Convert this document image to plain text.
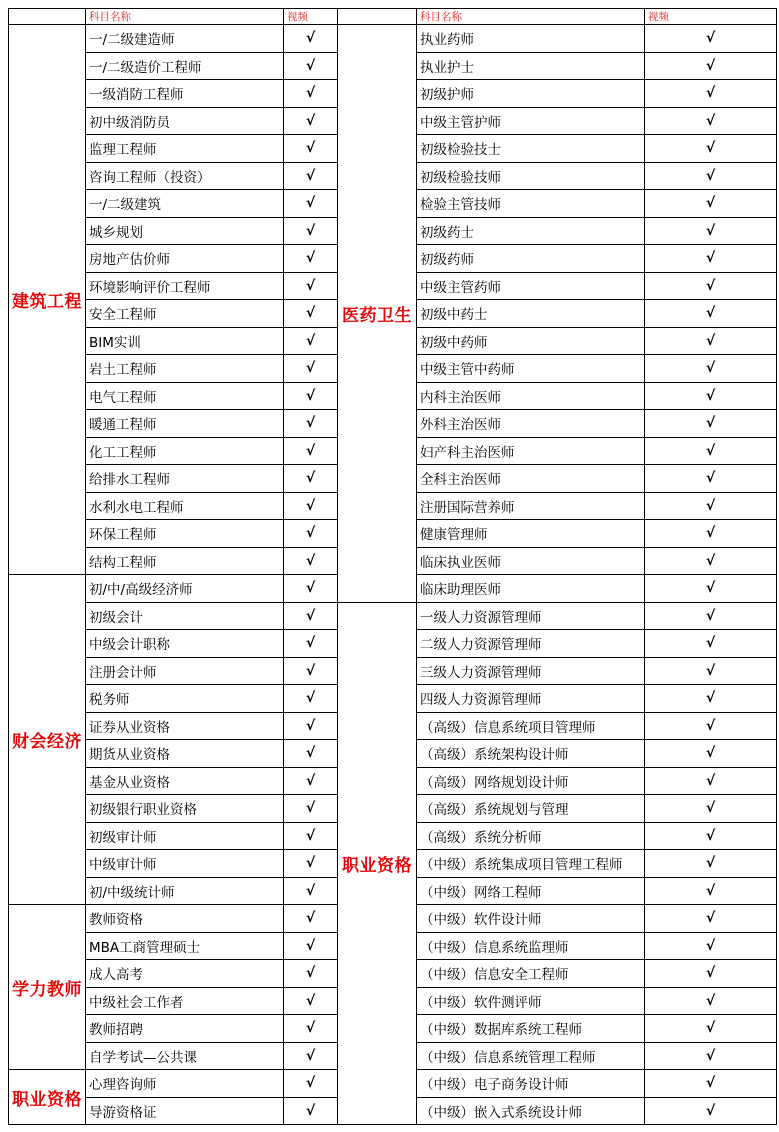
	科目名称	视频		科目名称	视频
建筑工程	一/二级建造师	√	医药卫生	执业药师	√
	一/二级造价工程师	√		执业护士	√
	一级消防工程师	√		初级护师	√
	初中级消防员	√		中级主管护师	√
	监理工程师	√		初级检验技士	√
	咨询工程师（投资）	√		初级检验技师	√
	一/二级建筑	√		检验主管技师	√
	城乡规划	√		初级药士	√
	房地产估价师	√		初级药师	√
	环境影响评价工程师	√		中级主管药师	√
	安全工程师	√		初级中药士	√
	BIM实训	√		初级中药师	√
	岩土工程师	√		中级主管中药师	√
	电气工程师	√		内科主治医师	√
	暖通工程师	√		外科主治医师	√
	化工工程师	√		妇产科主治医师	√
	给排水工程师	√		全科主治医师	√
	水利水电工程师	√		注册国际营养师	√
	环保工程师	√		健康管理师	√
	结构工程师	√		临床执业医师	√
财会经济	初/中/高级经济师	√		临床助理医师	√
	初级会计	√	职业资格	一级人力资源管理师	√
	中级会计职称	√		二级人力资源管理师	√
	注册会计师	√		三级人力资源管理师	√
	税务师	√		四级人力资源管理师	√
	证券从业资格	√		（高级）信息系统项目管理师	√
	期货从业资格	√		（高级）系统架构设计师	√
	基金从业资格	√		（高级）网络规划设计师	√
	初级银行职业资格	√		（高级）系统规划与管理	√
	初级审计师	√		（高级）系统分析师	√
	中级审计师	√		（中级）系统集成项目管理工程师	√
	初/中级统计师	√		（中级）网络工程师	√
学力教师	教师资格	√		（中级）软件设计师	√
	MBA工商管理硕士	√		（中级）信息系统监理师	√
	成人高考	√		（中级）信息安全工程师	√
	中级社会工作者	√		（中级）软件测评师	√
	教师招聘	√		（中级）数据库系统工程师	√
	自学考试—公共课	√		（中级）信息系统管理工程师	√
职业资格	心理咨询师	√		（中级）电子商务设计师	√
	导游资格证	√		（中级）嵌入式系统设计师	√
